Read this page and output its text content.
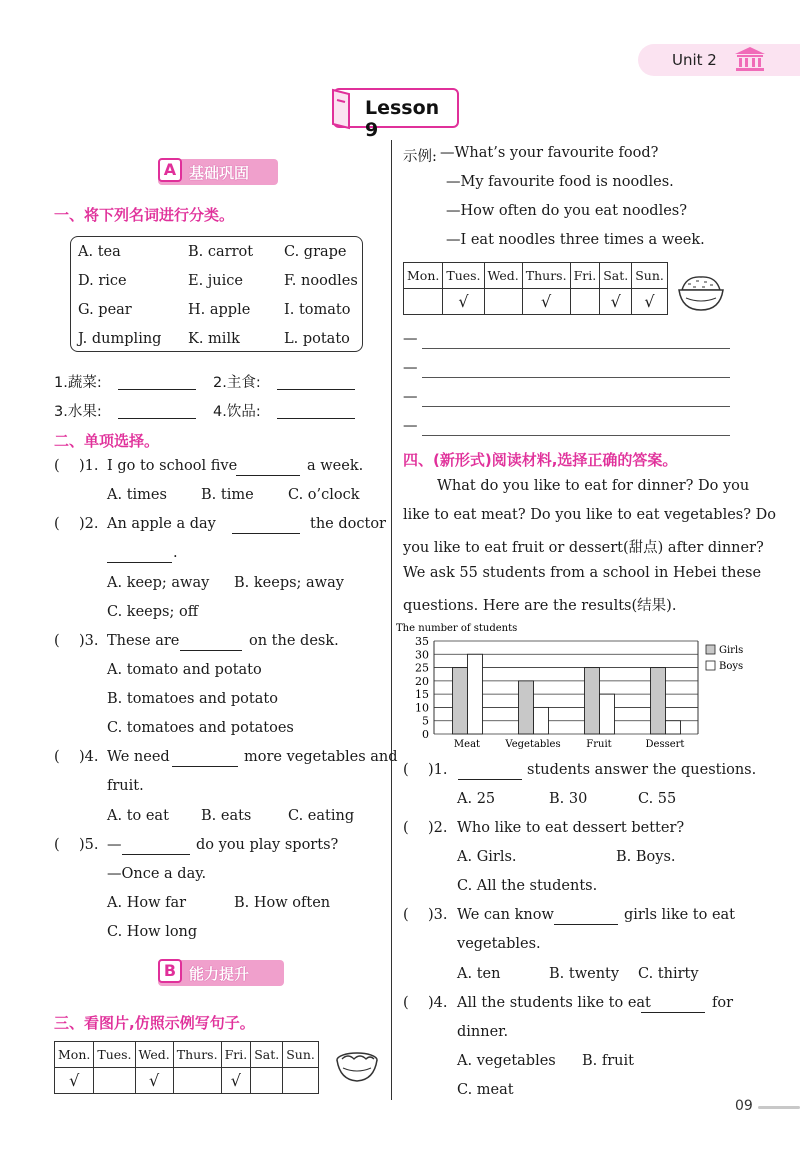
Unit 2
Lesson 9
A 基础巩固
一、将下列名词进行分类。
A. tea	B. carrot C. grape
D. rice	E. juice	F. noodles
G. pear	H. apple I. tomato
J. dumpling K. milk	L. potato
1.蔬菜:	2.主食:
3.水果:	4.饮品:
二、单项选择。
( )1. I go to school five	a week.
A. times B. time C. o’clock
( )2. An apple a day	the doctor
.
A. keep; away B. keeps; away
C. keeps; off
( )3. These are	on the desk.
A. tomato and potato
B. tomatoes and potato
C. tomatoes and potatoes
( )4. We need	more vegetables and
fruit.
A. to eat B. eats	C. eating
( )5. —	do you play sports?
—Once a day.
A. How far	B. How often
C. How long
B 能力提升
三、看图片,仿照示例写句子。
Mon.	Tues.	Wed.	Thurs.	Fri.	Sat.	Sun.
√		√		√		
示例: —What’s your favourite food?
—My favourite food is noodles.
—How often do you eat noodles?
—I eat noodles three times a week.
Mon.	Tues.	Wed.	Thurs.	Fri.	Sat.	Sun.
	√		√		√	√
—
—
—
—
四、(新形式)阅读材料,选择正确的答案。
What do you like to eat for dinner? Do you
like to eat meat? Do you like to eat vegetables? Do
you like to eat fruit or dessert(甜点) after dinner?
We ask 55 students from a school in Hebei these
questions. Here are the results(结果).
The number of students
0
5
10
15
20
25
30
35
Meat	Vegetables	Fruit	Dessert
Girls
Boys
( )1.	students answer the questions.
A. 25	B. 30	C. 55
( )2. Who like to eat dessert better?
A. Girls.	B. Boys.
C. All the students.
( )3. We can know	girls like to eat
vegetables.
A. ten	B. twenty C. thirty
( )4. All the students like to eat	for
dinner.
A. vegetables B. fruit
C. meat
09
